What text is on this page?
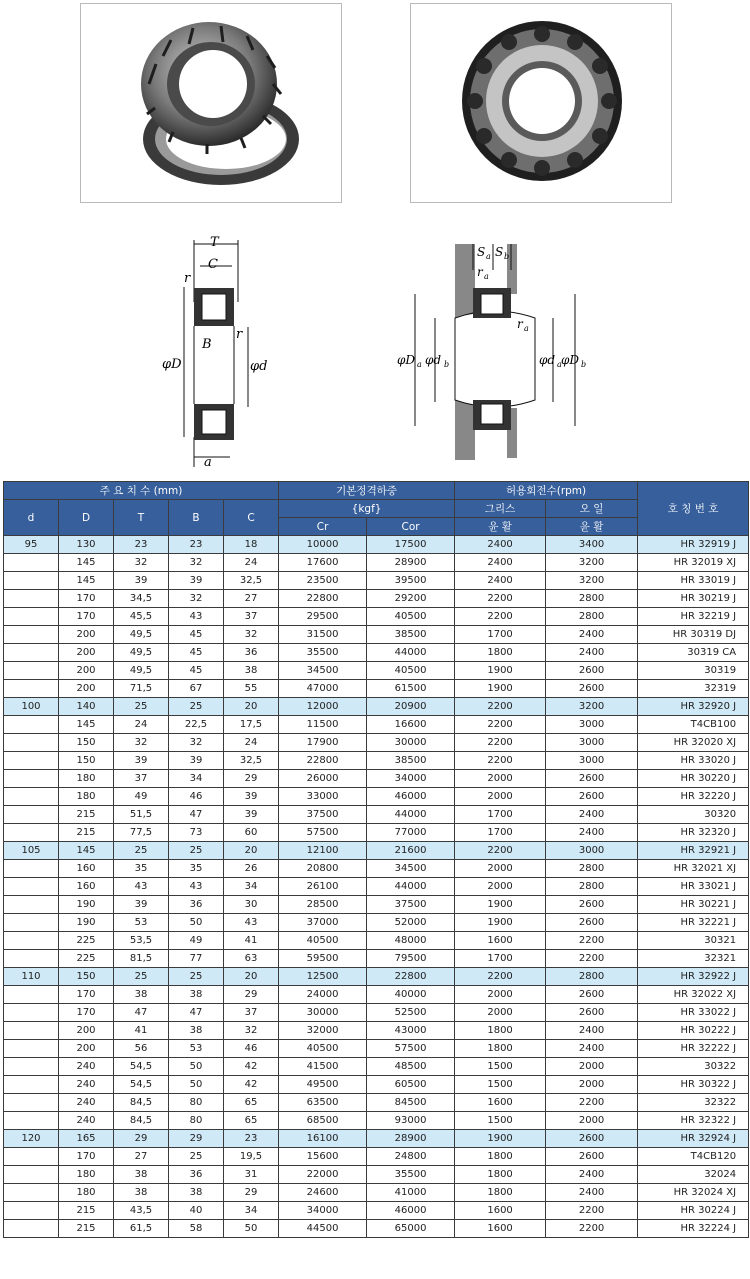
T
C
r
r
B
φD	φd
a
S a S b
r a
r a
φD a φd b	φd a φD b
주 요 치 수 (mm)					기본정격하중		허용회전수(rpm)		호 칭 번 호
d	D	T	B	C	{kgf}		그리스	오 일	
					Cr	Cor	윤 활	윤 활	
95	130	23	23	18	10000	17500	2400	3400	HR 32919 J
	145	32	32	24	17600	28900	2400	3200	HR 32019 XJ
	145	39	39	32,5	23500	39500	2400	3200	HR 33019 J
	170	34,5	32	27	22800	29200	2200	2800	HR 30219 J
	170	45,5	43	37	29500	40500	2200	2800	HR 32219 J
	200	49,5	45	32	31500	38500	1700	2400	HR 30319 DJ
	200	49,5	45	36	35500	44000	1800	2400	30319 CA
	200	49,5	45	38	34500	40500	1900	2600	30319
	200	71,5	67	55	47000	61500	1900	2600	32319
100	140	25	25	20	12000	20900	2200	3200	HR 32920 J
	145	24	22,5	17,5	11500	16600	2200	3000	T4CB100
	150	32	32	24	17900	30000	2200	3000	HR 32020 XJ
	150	39	39	32,5	22800	38500	2200	3000	HR 33020 J
	180	37	34	29	26000	34000	2000	2600	HR 30220 J
	180	49	46	39	33000	46000	2000	2600	HR 32220 J
	215	51,5	47	39	37500	44000	1700	2400	30320
	215	77,5	73	60	57500	77000	1700	2400	HR 32320 J
105	145	25	25	20	12100	21600	2200	3000	HR 32921 J
	160	35	35	26	20800	34500	2000	2800	HR 32021 XJ
	160	43	43	34	26100	44000	2000	2800	HR 33021 J
	190	39	36	30	28500	37500	1900	2600	HR 30221 J
	190	53	50	43	37000	52000	1900	2600	HR 32221 J
	225	53,5	49	41	40500	48000	1600	2200	30321
	225	81,5	77	63	59500	79500	1700	2200	32321
110	150	25	25	20	12500	22800	2200	2800	HR 32922 J
	170	38	38	29	24000	40000	2000	2600	HR 32022 XJ
	170	47	47	37	30000	52500	2000	2600	HR 33022 J
	200	41	38	32	32000	43000	1800	2400	HR 30222 J
	200	56	53	46	40500	57500	1800	2400	HR 32222 J
	240	54,5	50	42	41500	48500	1500	2000	30322
	240	54,5	50	42	49500	60500	1500	2000	HR 30322 J
	240	84,5	80	65	63500	84500	1600	2200	32322
	240	84,5	80	65	68500	93000	1500	2000	HR 32322 J
120	165	29	29	23	16100	28900	1900	2600	HR 32924 J
	170	27	25	19,5	15600	24800	1800	2600	T4CB120
	180	38	36	31	22000	35500	1800	2400	32024
	180	38	38	29	24600	41000	1800	2400	HR 32024 XJ
	215	43,5	40	34	34000	46000	1600	2200	HR 30224 J
	215	61,5	58	50	44500	65000	1600	2200	HR 32224 J
